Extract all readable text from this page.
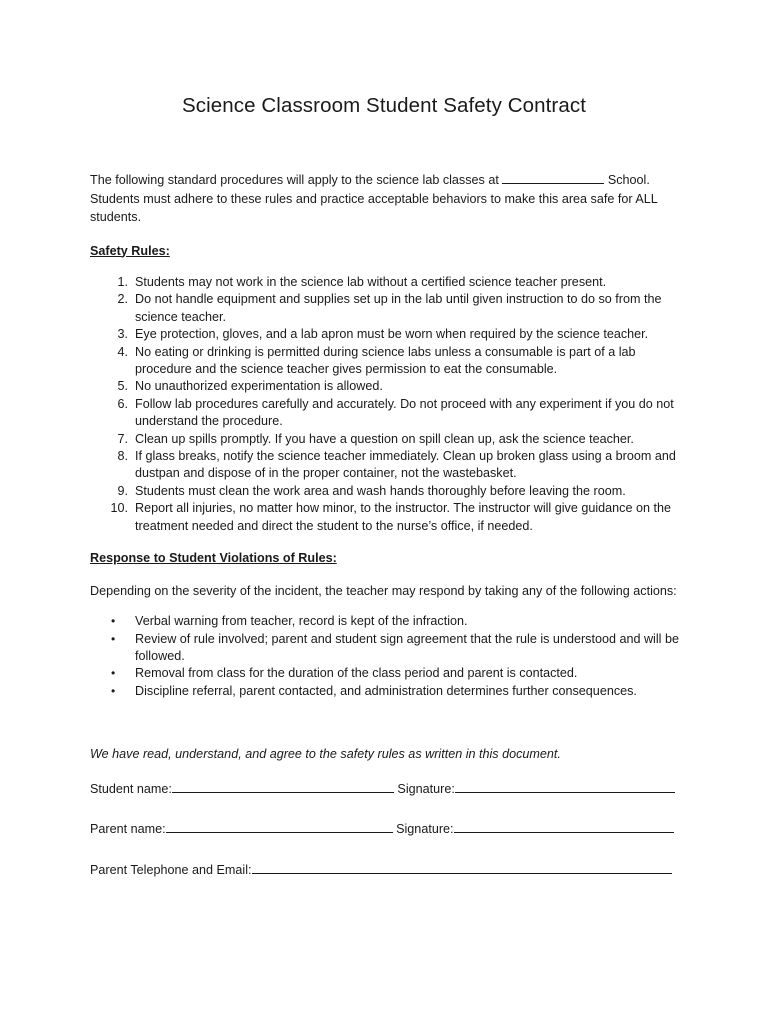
Science Classroom Student Safety Contract

The following standard procedures will apply to the science lab classes at	School. Students must adhere to these rules and practice acceptable behaviors to make this area safe for ALL students.

Safety Rules:

1. Students may not work in the science lab without a certified science teacher present.
2. Do not handle equipment and supplies set up in the lab until given instruction to do so from the science teacher.
3. Eye protection, gloves, and a lab apron must be worn when required by the science teacher.
4. No eating or drinking is permitted during science labs unless a consumable is part of a lab procedure and the science teacher gives permission to eat the consumable.
5. No unauthorized experimentation is allowed.
6. Follow lab procedures carefully and accurately. Do not proceed with any experiment if you do not understand the procedure.
7. Clean up spills promptly. If you have a question on spill clean up, ask the science teacher.
8. If glass breaks, notify the science teacher immediately. Clean up broken glass using a broom and dustpan and dispose of in the proper container, not the wastebasket.
9. Students must clean the work area and wash hands thoroughly before leaving the room.
10. Report all injuries, no matter how minor, to the instructor. The instructor will give guidance on the treatment needed and direct the student to the nurse’s office, if needed.

Response to Student Violations of Rules:

Depending on the severity of the incident, the teacher may respond by taking any of the following actions:

• Verbal warning from teacher, record is kept of the infraction.
• Review of rule involved; parent and student sign agreement that the rule is understood and will be followed.
• Removal from class for the duration of the class period and parent is contacted.
• Discipline referral, parent contacted, and administration determines further consequences.

We have read, understand, and agree to the safety rules as written in this document.

Student name:	Signature:
Parent name:	Signature:
Parent Telephone and Email:
